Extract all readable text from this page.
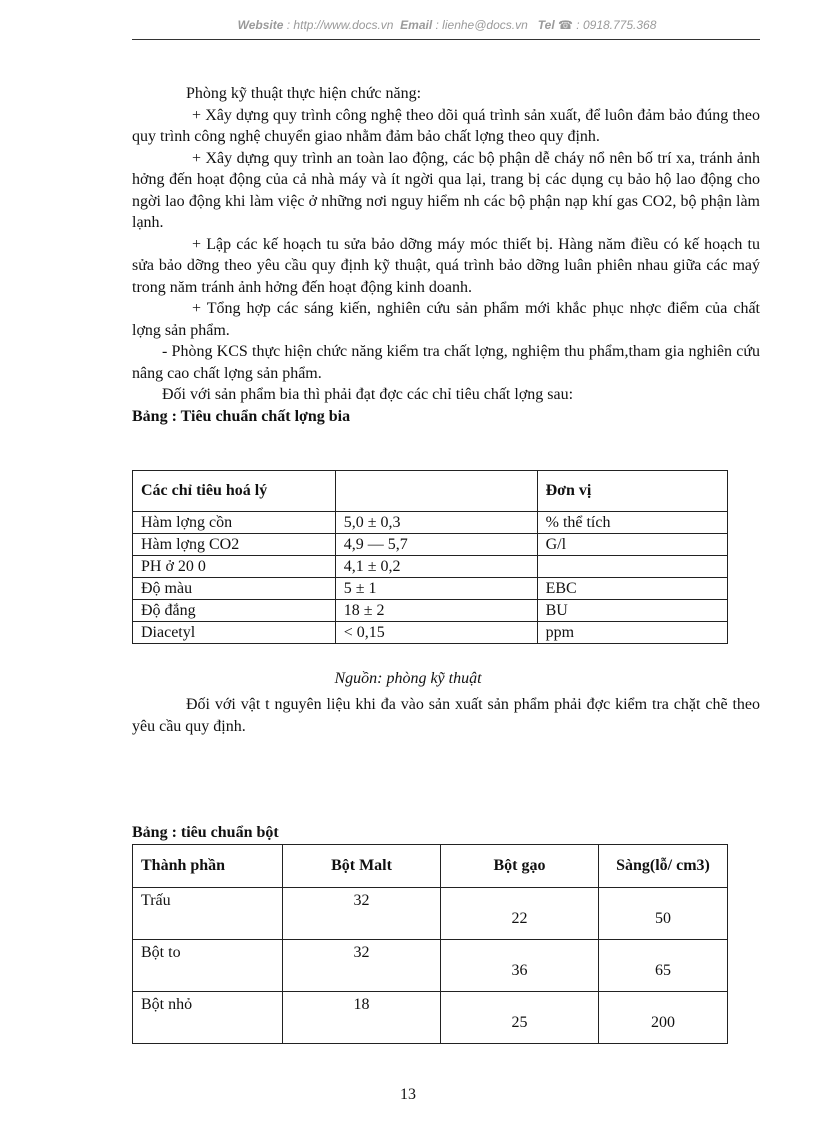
Website : http://www.docs.vn Email : lienhe@docs.vn Tel ☎ : 0918.775.368

Phòng kỹ thuật thực hiện chức năng:

+ Xây dựng quy trình công nghệ theo dõi quá trình sản xuất, để luôn đảm bảo đúng theo quy trình công nghệ chuyển giao nhằm đảm bảo chất lợng theo quy định.

+ Xây dựng quy trình an toàn lao động, các bộ phận dễ cháy nổ nên bố trí xa, tránh ảnh hởng đến hoạt động của cả nhà máy và ít ngời qua lại, trang bị các dụng cụ bảo hộ lao động cho ngời lao động khi làm việc ở những nơi nguy hiểm nh các bộ phận nạp khí gas CO2, bộ phận làm lạnh.

+ Lập các kế hoạch tu sửa bảo dỡng máy móc thiết bị. Hàng năm điều có kế hoạch tu sửa bảo dỡng theo yêu cầu quy định kỹ thuật, quá trình bảo dỡng luân phiên nhau giữa các maý trong năm tránh ảnh hởng đến hoạt động kinh doanh.

+ Tổng hợp các sáng kiến, nghiên cứu sản phẩm mới khắc phục nhợc điểm của chất lợng sản phẩm.

- Phòng KCS thực hiện chức năng kiểm tra chất lợng, nghiệm thu phẩm,tham gia nghiên cứu nâng cao chất lợng sản phẩm.

Đối với sản phẩm bia thì phải đạt đợc các chỉ tiêu chất lợng sau:

Bảng : Tiêu chuẩn chất lợng bia

Các chỉ tiêu hoá lý		Đơn vị
Hàm lợng cồn	5,0 ± 0,3	% thể tích
Hàm lợng CO2	4,9 — 5,7	G/l
PH ở 20 0	4,1 ± 0,2	
Độ màu	5 ± 1	EBC
Độ đắng	18 ± 2	BU
Diacetyl	< 0,15	ppm
Nguồn: phòng kỹ thuật

Đối với vật t nguyên liệu khi đa vào sản xuất sản phẩm phải đợc kiểm tra chặt chẽ theo yêu cầu quy định.

Bảng : tiêu chuẩn bột
Thành phần	Bột Malt	Bột gạo	Sàng(lỗ/ cm3)
Trấu	32	22	50
Bột to	32	36	65
Bột nhỏ	18	25	200
13
